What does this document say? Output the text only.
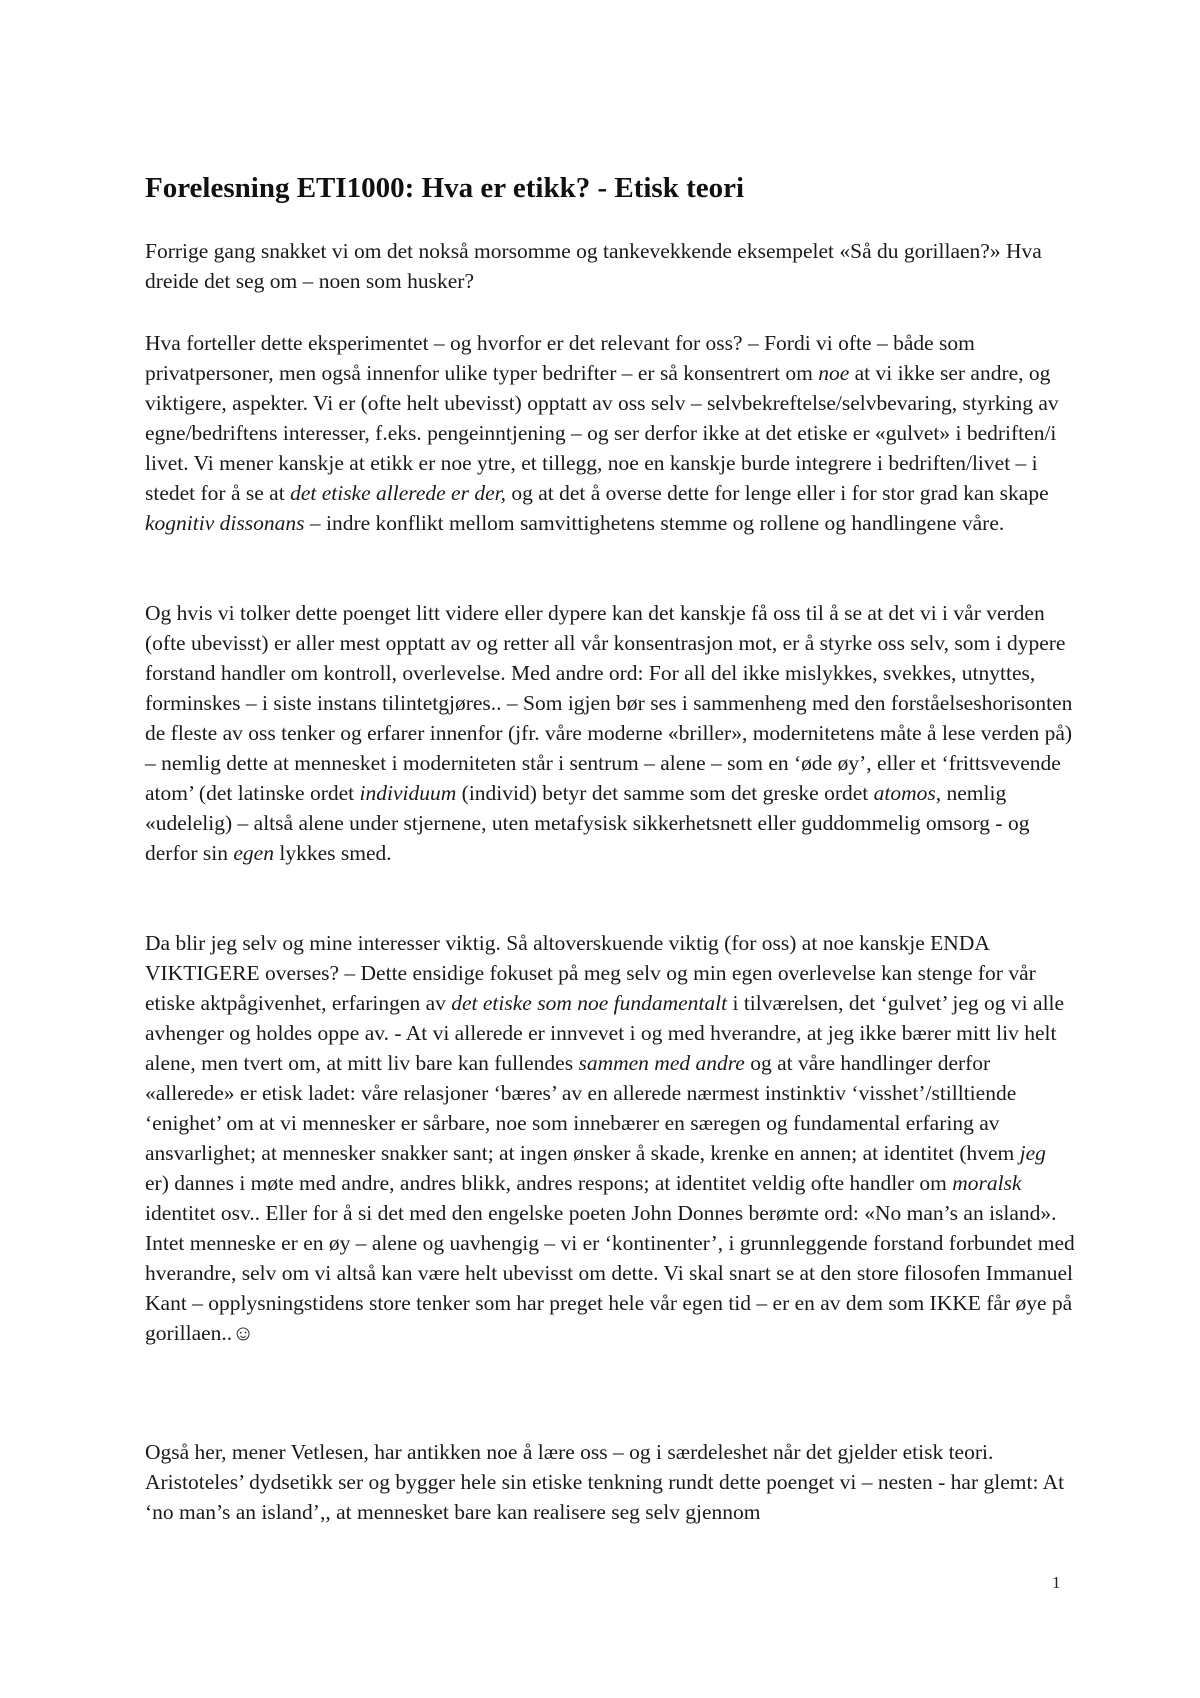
Forelesning ETI1000: Hva er etikk? - Etisk teori

Forrige gang snakket vi om det nokså morsomme og tankevekkende eksempelet «Så du gorillaen?» Hva dreide det seg om – noen som husker?

Hva forteller dette eksperimentet – og hvorfor er det relevant for oss? – Fordi vi ofte – både som privatpersoner, men også innenfor ulike typer bedrifter – er så konsentrert om noe at vi ikke ser andre, og viktigere, aspekter. Vi er (ofte helt ubevisst) opptatt av oss selv – selvbekreftelse/selvbevaring, styrking av egne/bedriftens interesser, f.eks. pengeinntjening – og ser derfor ikke at det etiske er «gulvet» i bedriften/i livet. Vi mener kanskje at etikk er noe ytre, et tillegg, noe en kanskje burde integrere i bedriften/livet – i stedet for å se at det etiske allerede er der, og at det å overse dette for lenge eller i for stor grad kan skape kognitiv dissonans – indre konflikt mellom samvittighetens stemme og rollene og handlingene våre.

Og hvis vi tolker dette poenget litt videre eller dypere kan det kanskje få oss til å se at det vi i vår verden (ofte ubevisst) er aller mest opptatt av og retter all vår konsentrasjon mot, er å styrke oss selv, som i dypere forstand handler om kontroll, overlevelse. Med andre ord: For all del ikke mislykkes, svekkes, utnyttes, forminskes – i siste instans tilintetgjøres.. – Som igjen bør ses i sammenheng med den forståelseshorisonten de fleste av oss tenker og erfarer innenfor (jfr. våre moderne «briller», modernitetens måte å lese verden på) – nemlig dette at mennesket i moderniteten står i sentrum – alene – som en ‘øde øy’, eller et ‘frittsvevende atom’ (det latinske ordet individuum (individ) betyr det samme som det greske ordet atomos, nemlig «udelelig) – altså alene under stjernene, uten metafysisk sikkerhetsnett eller guddommelig omsorg - og derfor sin egen lykkes smed.

Da blir jeg selv og mine interesser viktig. Så altoverskuende viktig (for oss) at noe kanskje ENDA VIKTIGERE overses? – Dette ensidige fokuset på meg selv og min egen overlevelse kan stenge for vår etiske aktpågivenhet, erfaringen av det etiske som noe fundamentalt i tilværelsen, det ‘gulvet’ jeg og vi alle avhenger og holdes oppe av. - At vi allerede er innvevet i og med hverandre, at jeg ikke bærer mitt liv helt alene, men tvert om, at mitt liv bare kan fullendes sammen med andre og at våre handlinger derfor «allerede» er etisk ladet: våre relasjoner ‘bæres’ av en allerede nærmest instinktiv ‘visshet’/stilltiende ‘enighet’ om at vi mennesker er sårbare, noe som innebærer en særegen og fundamental erfaring av ansvarlighet; at mennesker snakker sant; at ingen ønsker å skade, krenke en annen; at identitet (hvem jeg er) dannes i møte med andre, andres blikk, andres respons; at identitet veldig ofte handler om moralsk identitet osv.. Eller for å si det med den engelske poeten John Donnes berømte ord: «No man’s an island». Intet menneske er en øy – alene og uavhengig – vi er ‘kontinenter’, i grunnleggende forstand forbundet med hverandre, selv om vi altså kan være helt ubevisst om dette. Vi skal snart se at den store filosofen Immanuel Kant – opplysningstidens store tenker som har preget hele vår egen tid – er en av dem som IKKE får øye på gorillaen..☺

Også her, mener Vetlesen, har antikken noe å lære oss – og i særdeleshet når det gjelder etisk teori. Aristoteles’ dydsetikk ser og bygger hele sin etiske tenkning rundt dette poenget vi – nesten - har glemt: At ‘no man’s an island’,, at mennesket bare kan realisere seg selv gjennom

1
